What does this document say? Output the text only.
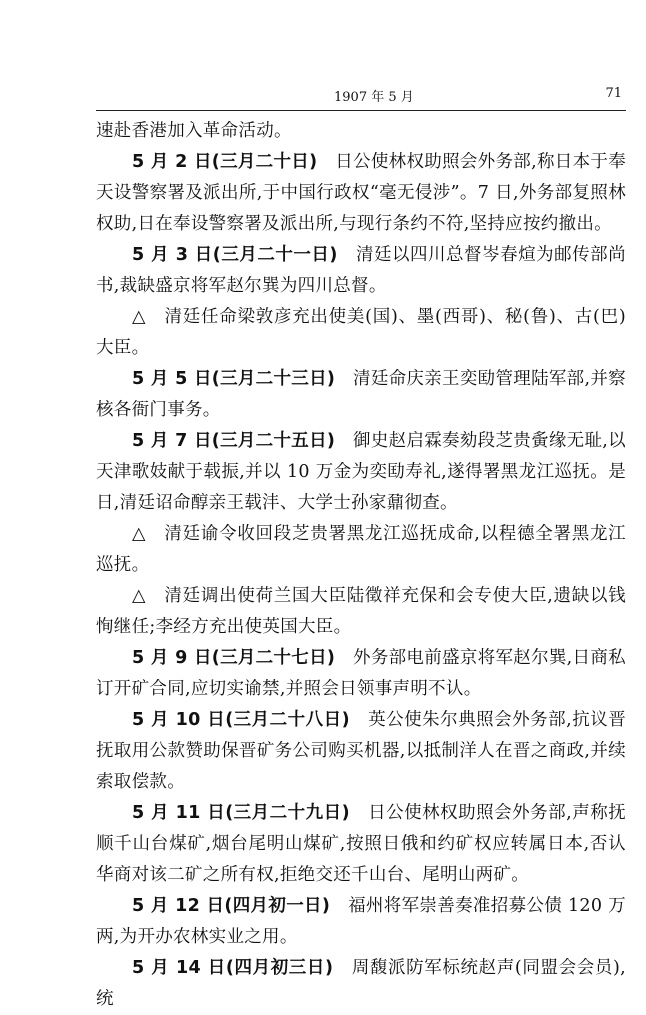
1907 年 5 月	71

速赴香港加入革命活动。

5 月 2 日(三月二十日)　 日公使林权助照会外务部,称日本于奉天设警察署及派出所,于中国行政权“毫无侵涉”。7 日,外务部复照林权助,日在奉设警察署及派出所,与现行条约不符,坚持应按约撤出。

5 月 3 日(三月二十一日)　 清廷以四川总督岑春煊为邮传部尚书,裁缺盛京将军赵尔巽为四川总督。

△　 清廷任命梁敦彦充出使美(国)、墨(西哥)、秘(鲁)、古(巴)大臣。

5 月 5 日(三月二十三日)　 清廷命庆亲王奕劻管理陆军部,并察核各衙门事务。

5 月 7 日(三月二十五日)　 御史赵启霖奏劾段芝贵夤缘无耻,以天津歌妓献于载振,并以 10 万金为奕劻寿礼,遂得署黑龙江巡抚。是日,清廷诏命醇亲王载沣、大学士孙家鼐彻查。

△　 清廷谕令收回段芝贵署黑龙江巡抚成命,以程德全署黑龙江巡抚。

△　 清廷调出使荷兰国大臣陆徵祥充保和会专使大臣,遗缺以钱恂继任;李经方充出使英国大臣。

5 月 9 日(三月二十七日)　 外务部电前盛京将军赵尔巽,日商私订开矿合同,应切实谕禁,并照会日领事声明不认。

5 月 10 日(三月二十八日)　 英公使朱尔典照会外务部,抗议晋抚取用公款赞助保晋矿务公司购买机器,以抵制洋人在晋之商政,并续索取偿款。

5 月 11 日(三月二十九日)　 日公使林权助照会外务部,声称抚顺千山台煤矿,烟台尾明山煤矿,按照日俄和约矿权应转属日本,否认华商对该二矿之所有权,拒绝交还千山台、尾明山两矿。

5 月 12 日(四月初一日)　 福州将军崇善奏准招募公债 120 万两,为开办农林实业之用。

5 月 14 日(四月初三日)　 周馥派防军标统赵声(同盟会会员),统
